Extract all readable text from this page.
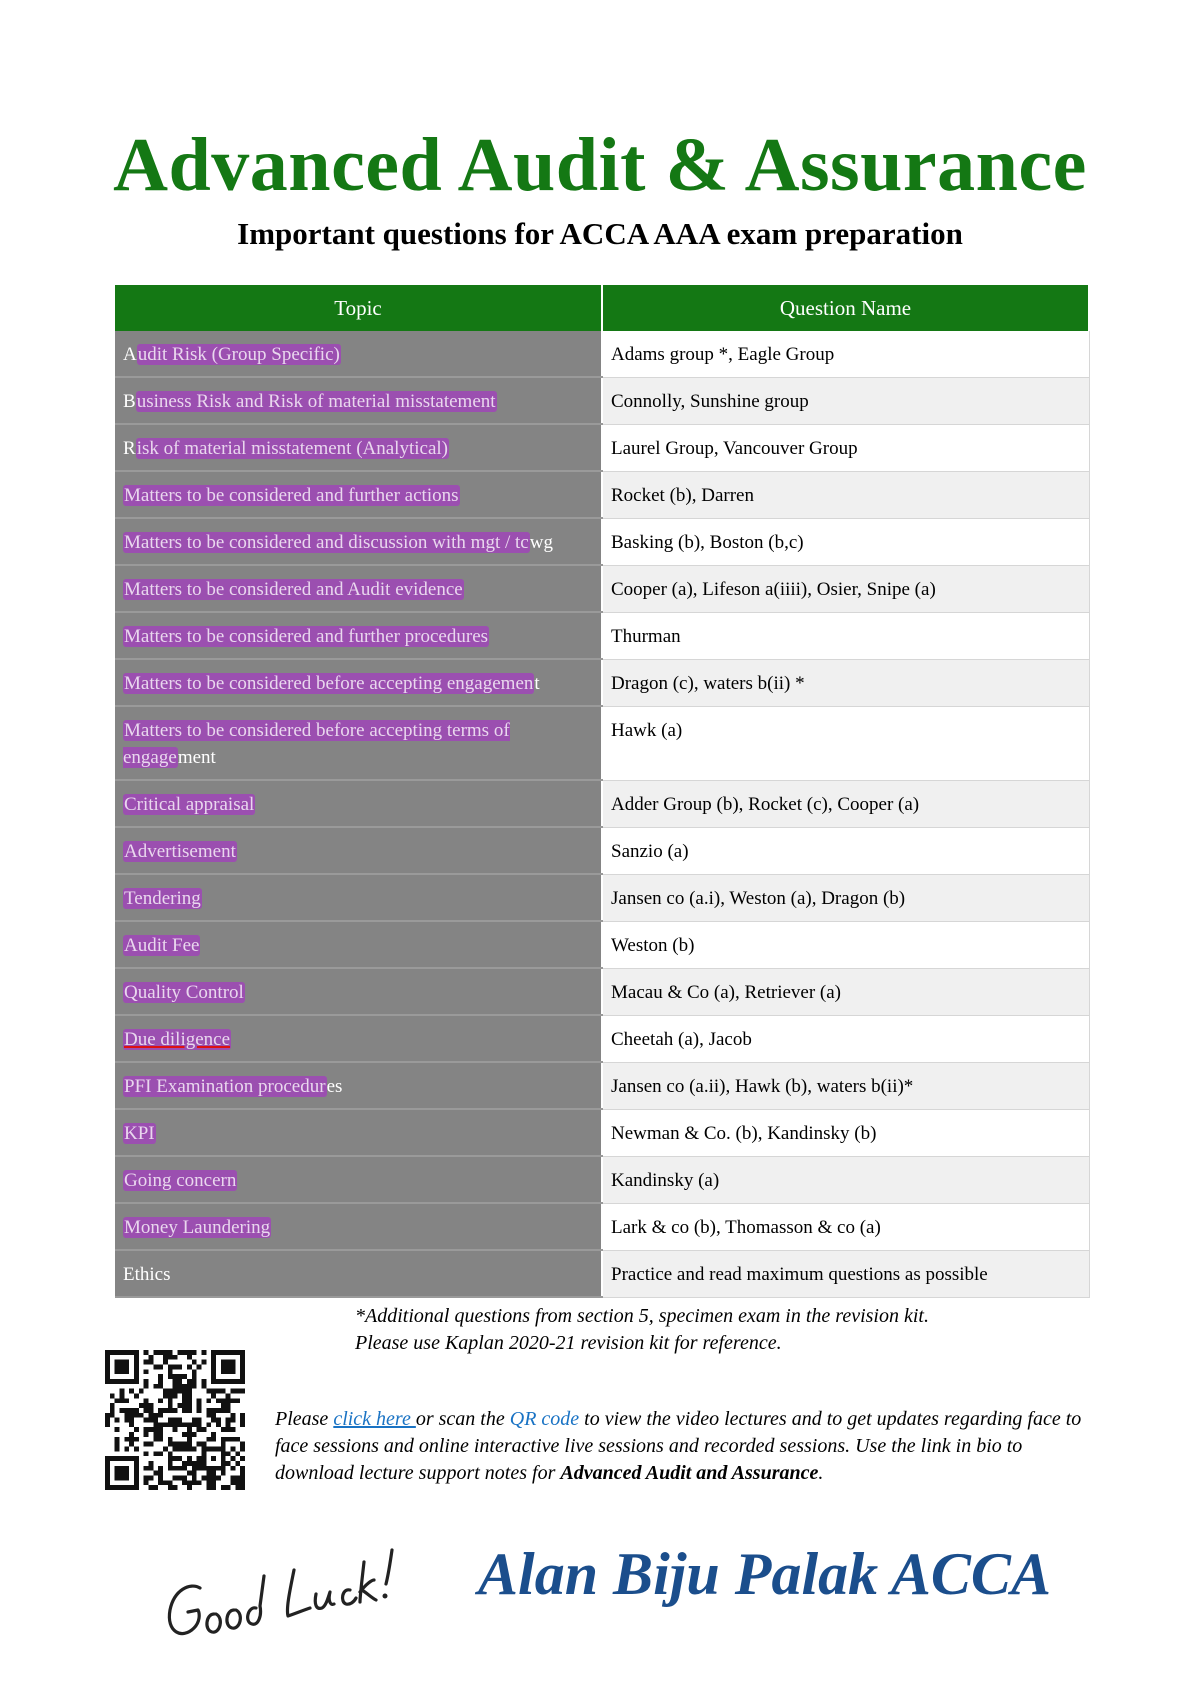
Advanced Audit & Assurance
Important questions for ACCA AAA exam preparation
Topic	Question Name
Audit Risk (Group Specific)	Adams group *, Eagle Group
Business Risk and Risk of material misstatement	Connolly, Sunshine group
Risk of material misstatement (Analytical)	Laurel Group, Vancouver Group
Matters to be considered and further actions	Rocket (b), Darren
Matters to be considered and discussion with mgt / tcwg	Basking (b), Boston (b,c)
Matters to be considered and Audit evidence	Cooper (a), Lifeson a(iiii), Osier, Snipe (a)
Matters to be considered and further procedures	Thurman
Matters to be considered before accepting engagement	Dragon (c), waters b(ii) *
Matters to be considered before accepting terms of engagement	Hawk (a)
Critical appraisal	Adder Group (b), Rocket (c), Cooper (a)
Advertisement	Sanzio (a)
Tendering	Jansen co (a.i), Weston (a), Dragon (b)
Audit Fee	Weston (b)
Quality Control	Macau & Co (a), Retriever (a)
Due diligence	Cheetah (a), Jacob
PFI Examination procedures	Jansen co (a.ii), Hawk (b), waters b(ii)*
KPI	Newman & Co. (b), Kandinsky (b)
Going concern	Kandinsky (a)
Money Laundering	Lark & co (b), Thomasson & co (a)
Ethics	Practice and read maximum questions as possible

*Additional questions from section 5, specimen exam in the revision kit.
Please use Kaplan 2020-21 revision kit for reference.

Please click here or scan the QR code to view the video lectures and to get updates regarding face to face sessions and online interactive live sessions and recorded sessions. Use the link in bio to download lecture support notes for Advanced Audit and Assurance.

Alan Biju Palak ACCA
